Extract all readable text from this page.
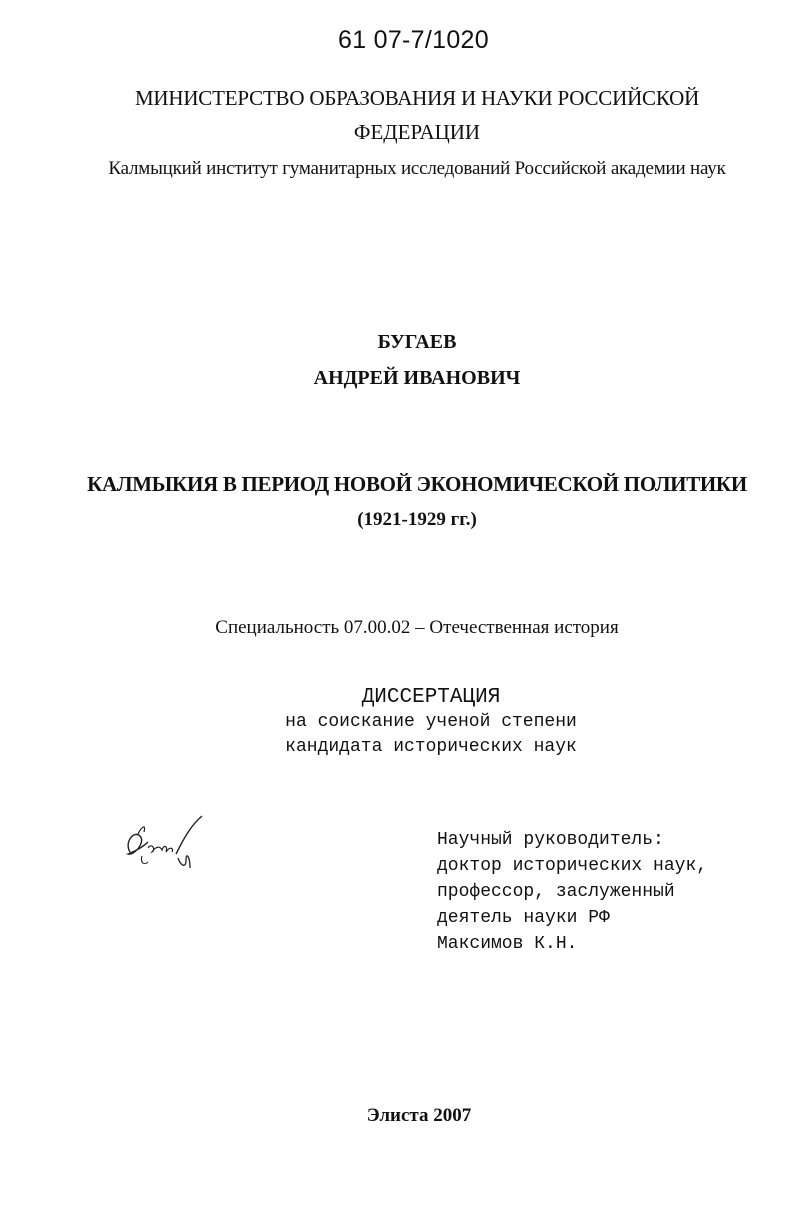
61 07-7/1020
МИНИСТЕРСТВО ОБРАЗОВАНИЯ И НАУКИ РОССИЙСКОЙ
ФЕДЕРАЦИИ
Калмыцкий институт гуманитарных исследований Российской академии наук
БУГАЕВ
АНДРЕЙ ИВАНОВИЧ
КАЛМЫКИЯ В ПЕРИОД НОВОЙ ЭКОНОМИЧЕСКОЙ ПОЛИТИКИ
(1921-1929 гг.)
Специальность 07.00.02 – Отечественная история
ДИССЕРТАЦИЯ
на соискание ученой степени
кандидата исторических наук
Научный руководитель:
доктор исторических наук,
профессор, заслуженный
деятель науки РФ
Максимов К.Н.
Элиста 2007
